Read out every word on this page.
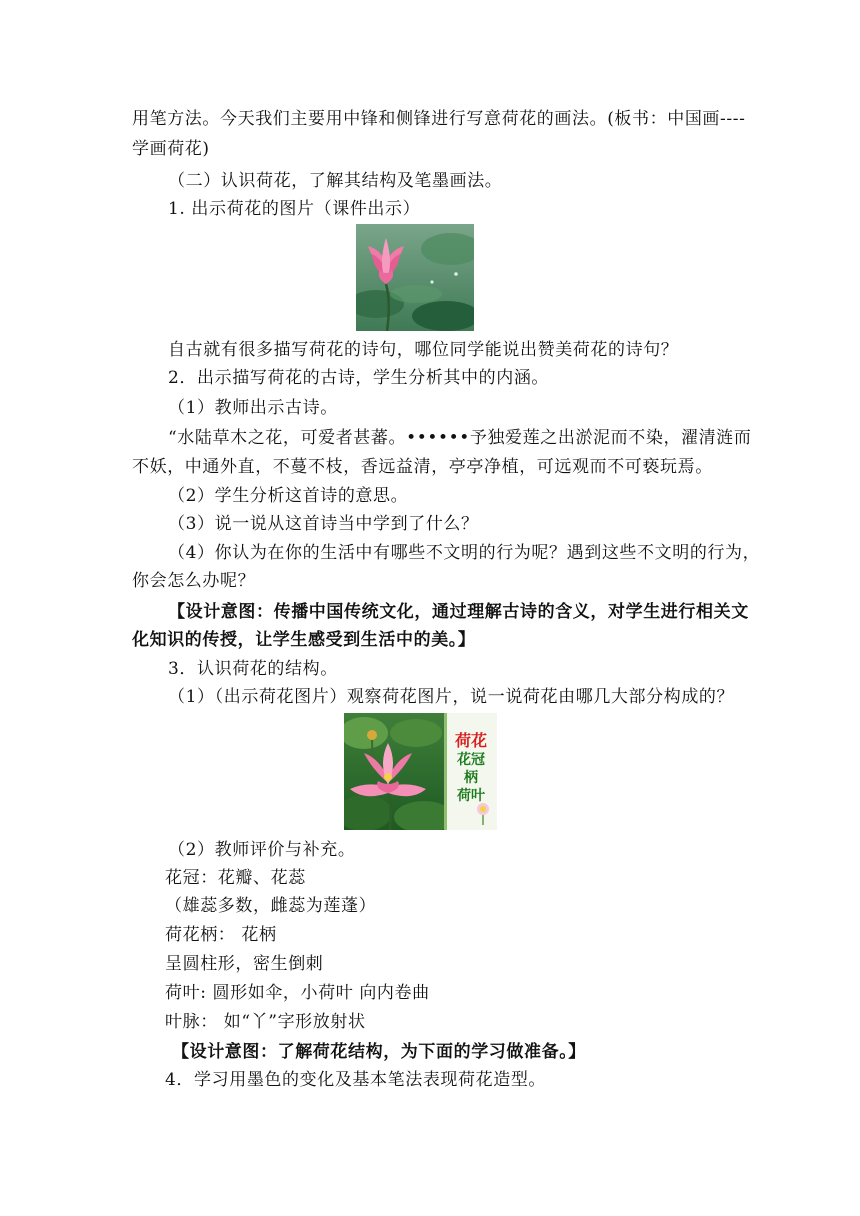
用笔方法。今天我们主要用中锋和侧锋进行写意荷花的画法。(板书：中国画----
学画荷花)
（二）认识荷花，了解其结构及笔墨画法。
1. 出示荷花的图片（课件出示）
自古就有很多描写荷花的诗句，哪位同学能说出赞美荷花的诗句？
2．出示描写荷花的古诗，学生分析其中的内涵。
（1）教师出示古诗。
“水陆草木之花，可爱者甚蕃。••••••予独爱莲之出淤泥而不染，濯清涟而
不妖，中通外直，不蔓不枝，香远益清，亭亭净植，可远观而不可亵玩焉。
（2）学生分析这首诗的意思。
（3）说一说从这首诗当中学到了什么？
（4）你认为在你的生活中有哪些不文明的行为呢？遇到这些不文明的行为，
你会怎么办呢？
【设计意图：传播中国传统文化，通过理解古诗的含义，对学生进行相关文
化知识的传授，让学生感受到生活中的美。】
3．认识荷花的结构。
（1）（出示荷花图片）观察荷花图片，说一说荷花由哪几大部分构成的？
荷花
花冠
柄
荷叶
（2）教师评价与补充。
花冠：花瓣、花蕊
（雄蕊多数，雌蕊为莲蓬）
荷花柄： 花柄
呈圆柱形，密生倒刺
荷叶: 圆形如伞，小荷叶 向内卷曲
叶脉： 如“丫”字形放射状
【设计意图：了解荷花结构，为下面的学习做准备。】
4．学习用墨色的变化及基本笔法表现荷花造型。
